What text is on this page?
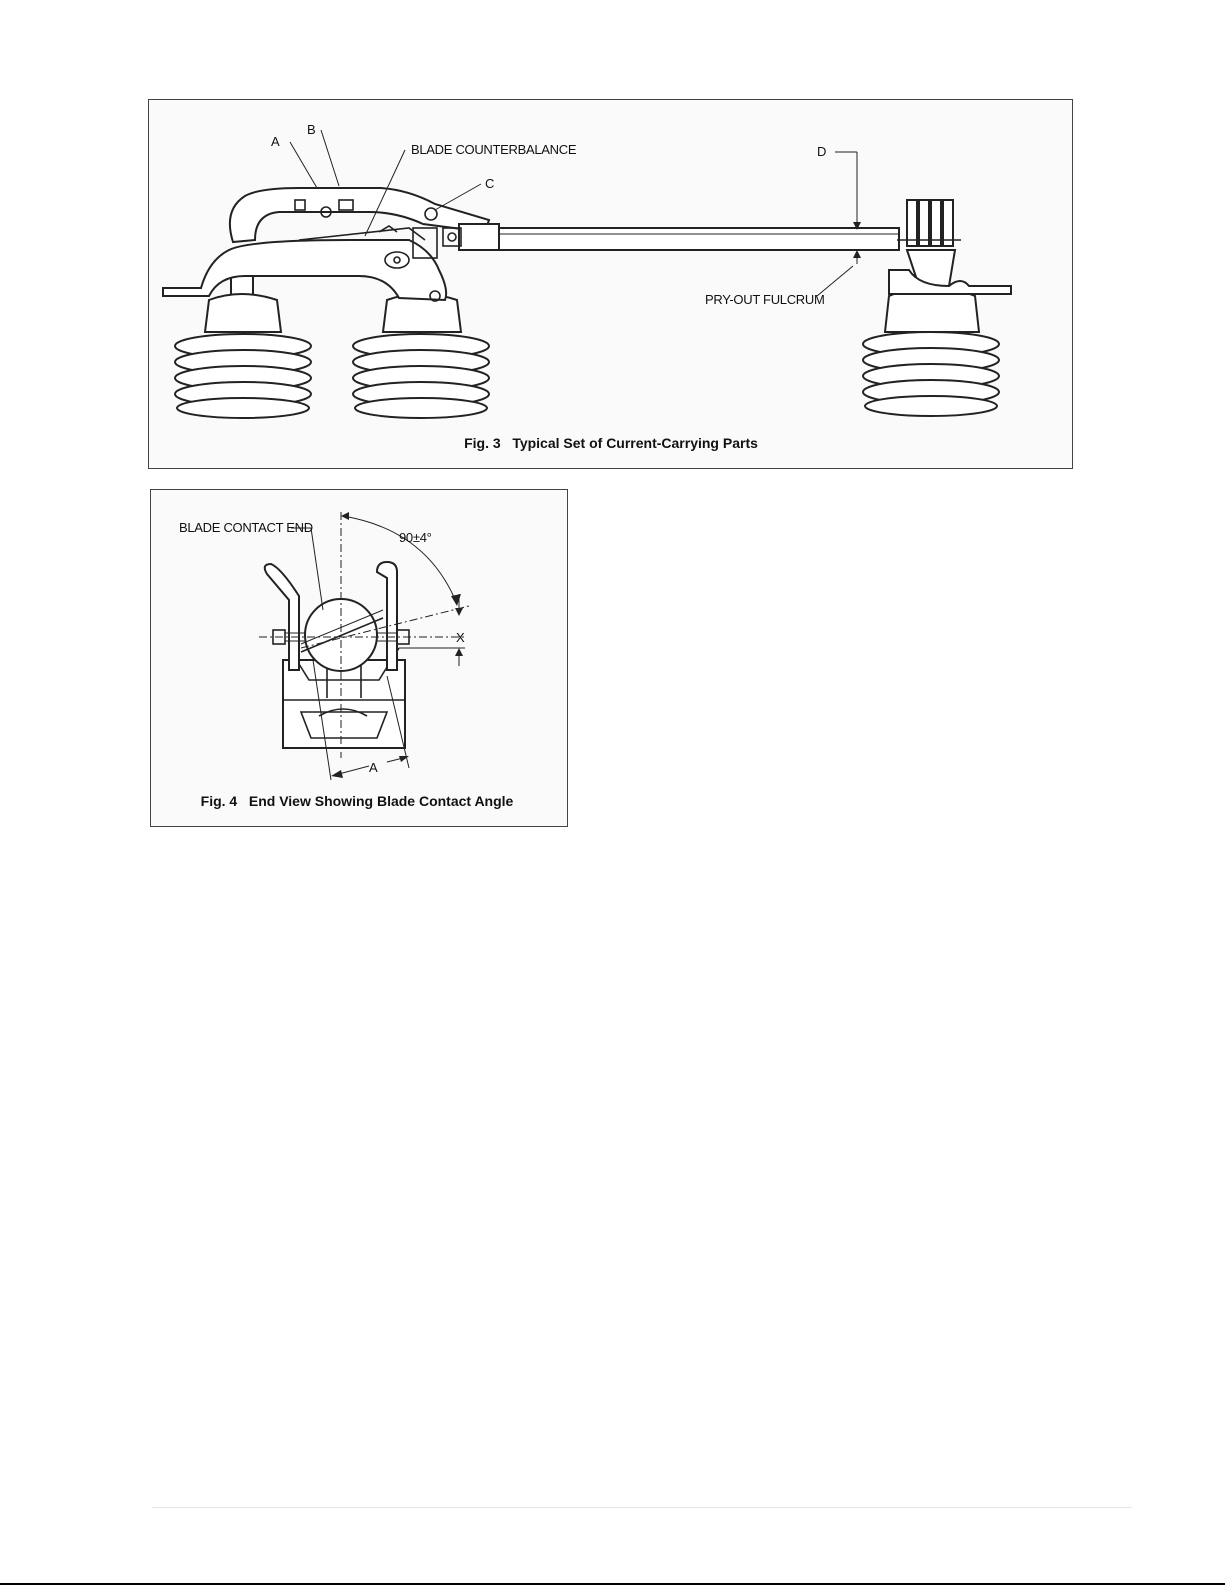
A
B
BLADE COUNTERBALANCE
C
D
PRY-OUT FULCRUM
Fig. 3   Typical Set of Current-Carrying Parts
BLADE CONTACT END
90±4°
X
A
Fig. 4   End View Showing Blade Contact Angle
